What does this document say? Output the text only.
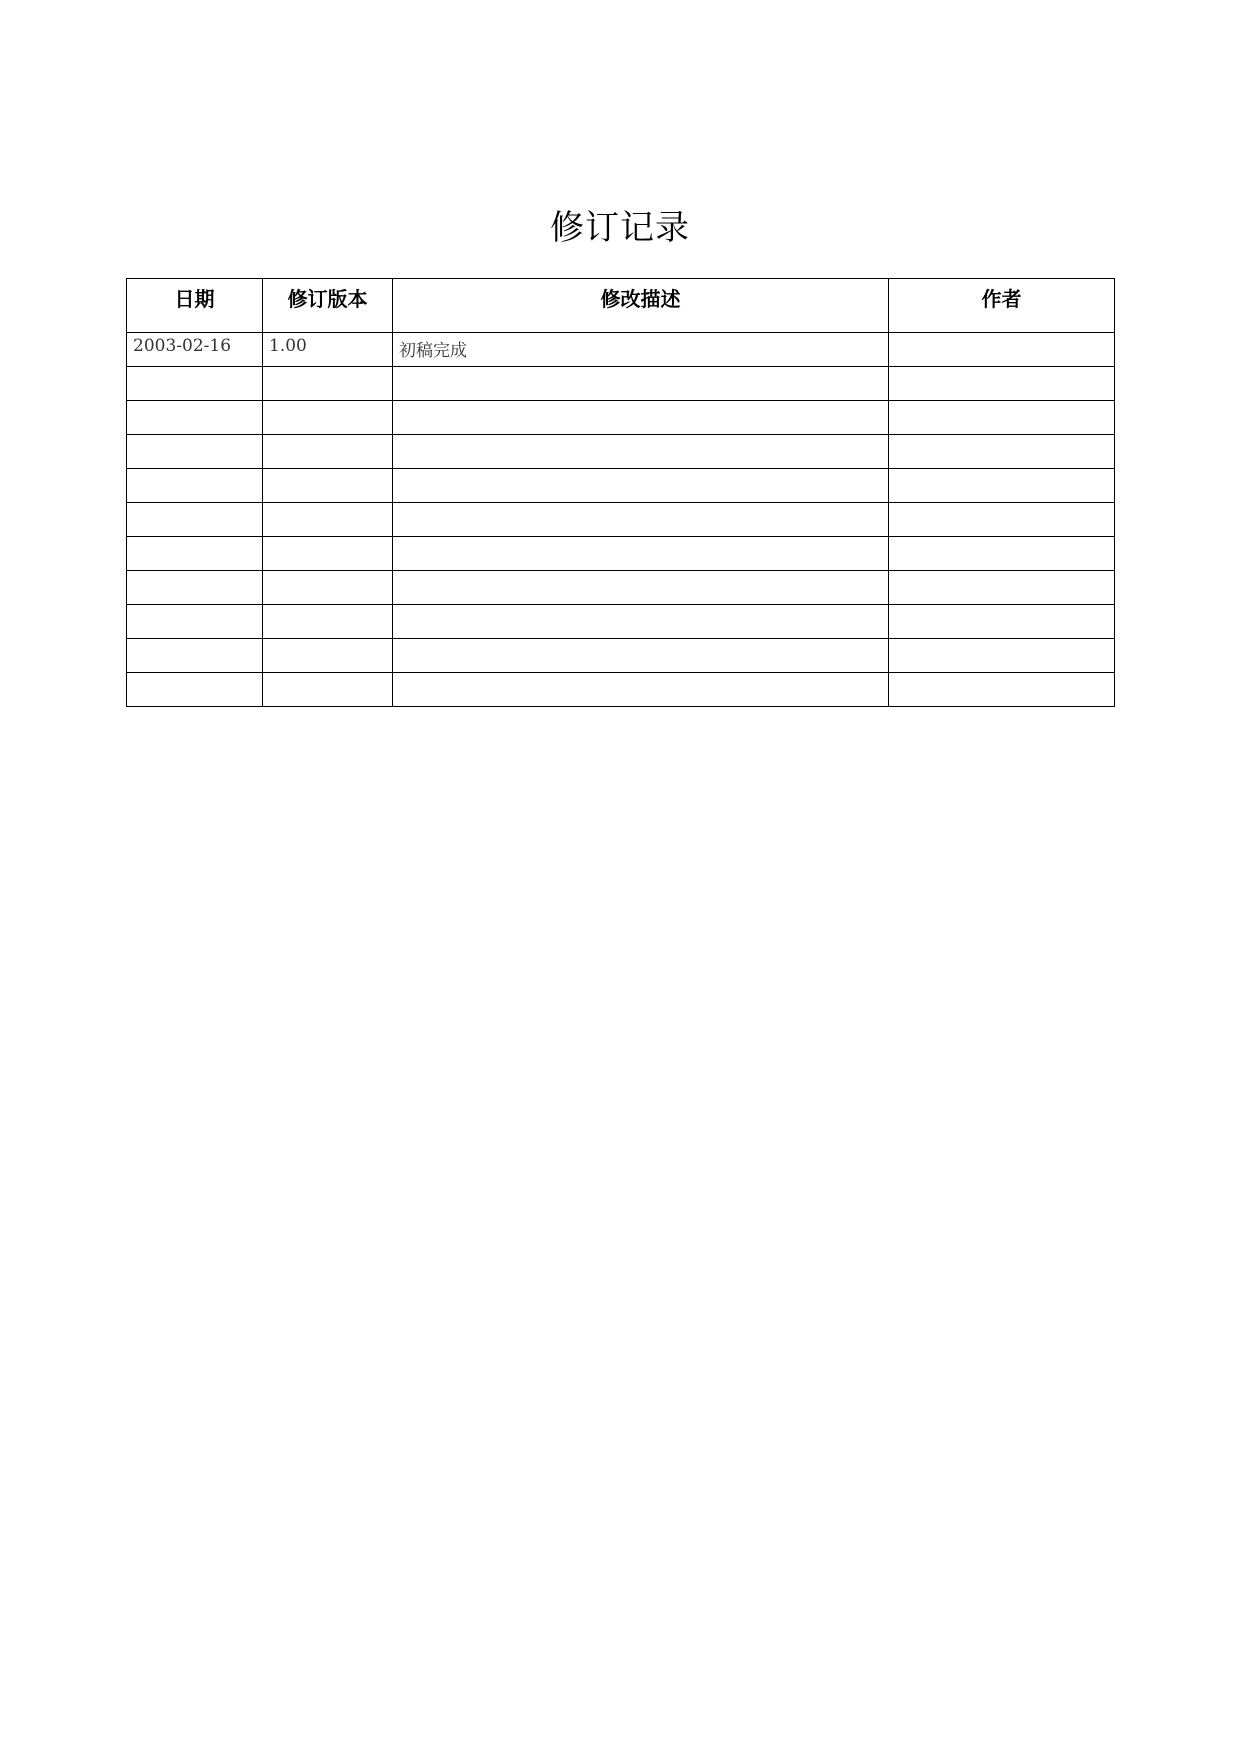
修订记录
日期	修订版本	修改描述	作者
2003-02-16	1.00	初稿完成	
